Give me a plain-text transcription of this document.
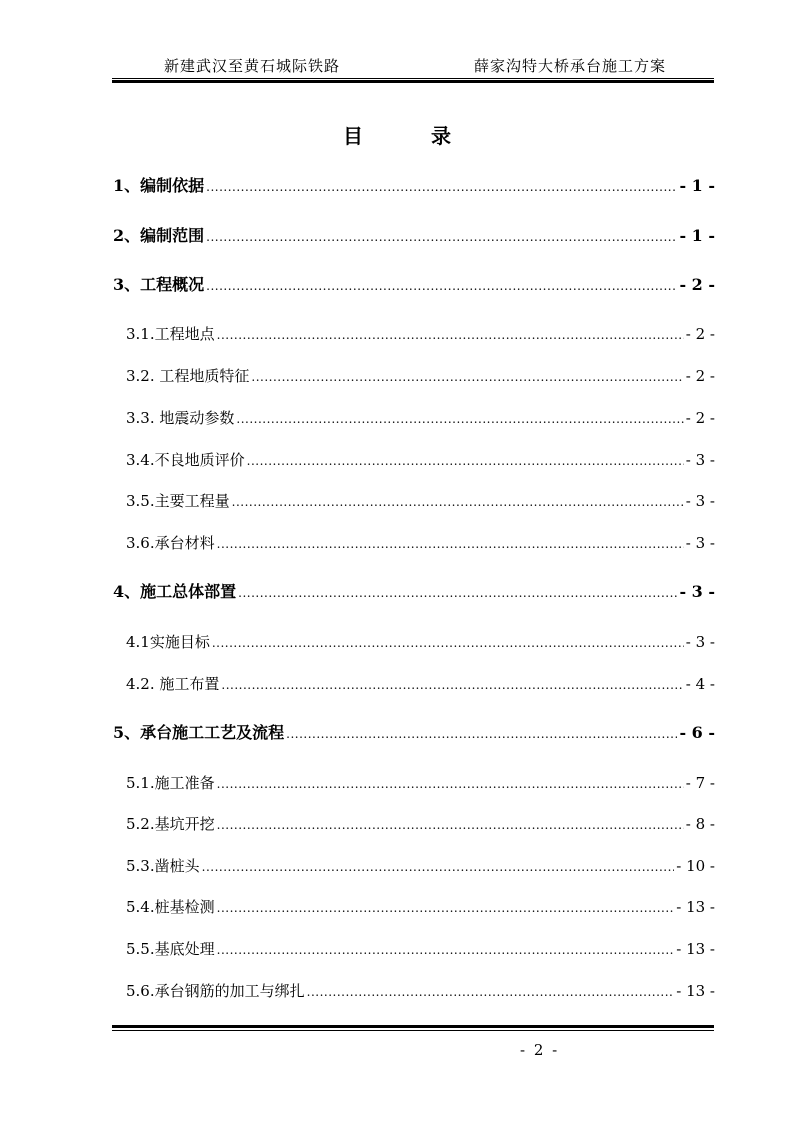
新建武汉至黄石城际铁路	薛家沟特大桥承台施工方案
目　录
1、编制依据 .....	- 1 -
2、编制范围 .....	- 1 -
3、工程概况 .....	- 2 -
3.1.工程地点 .....	- 2 -
3.2. 工程地质特征 .....	- 2 -
3.3. 地震动参数 .....	- 2 -
3.4.不良地质评价 .....	- 3 -
3.5.主要工程量 .....	- 3 -
3.6.承台材料 .....	- 3 -
4、施工总体部置 .....	- 3 -
4.1实施目标 .....	- 3 -
4.2. 施工布置 .....	- 4 -
5、承台施工工艺及流程 .....	- 6 -
5.1.施工准备 .....	- 7 -
5.2.基坑开挖 .....	- 8 -
5.3.凿桩头 .....	- 10 -
5.4.桩基检测 .....	- 13 -
5.5.基底处理 .....	- 13 -
5.6.承台钢筋的加工与绑扎 .....	- 13 -
- 2 -
